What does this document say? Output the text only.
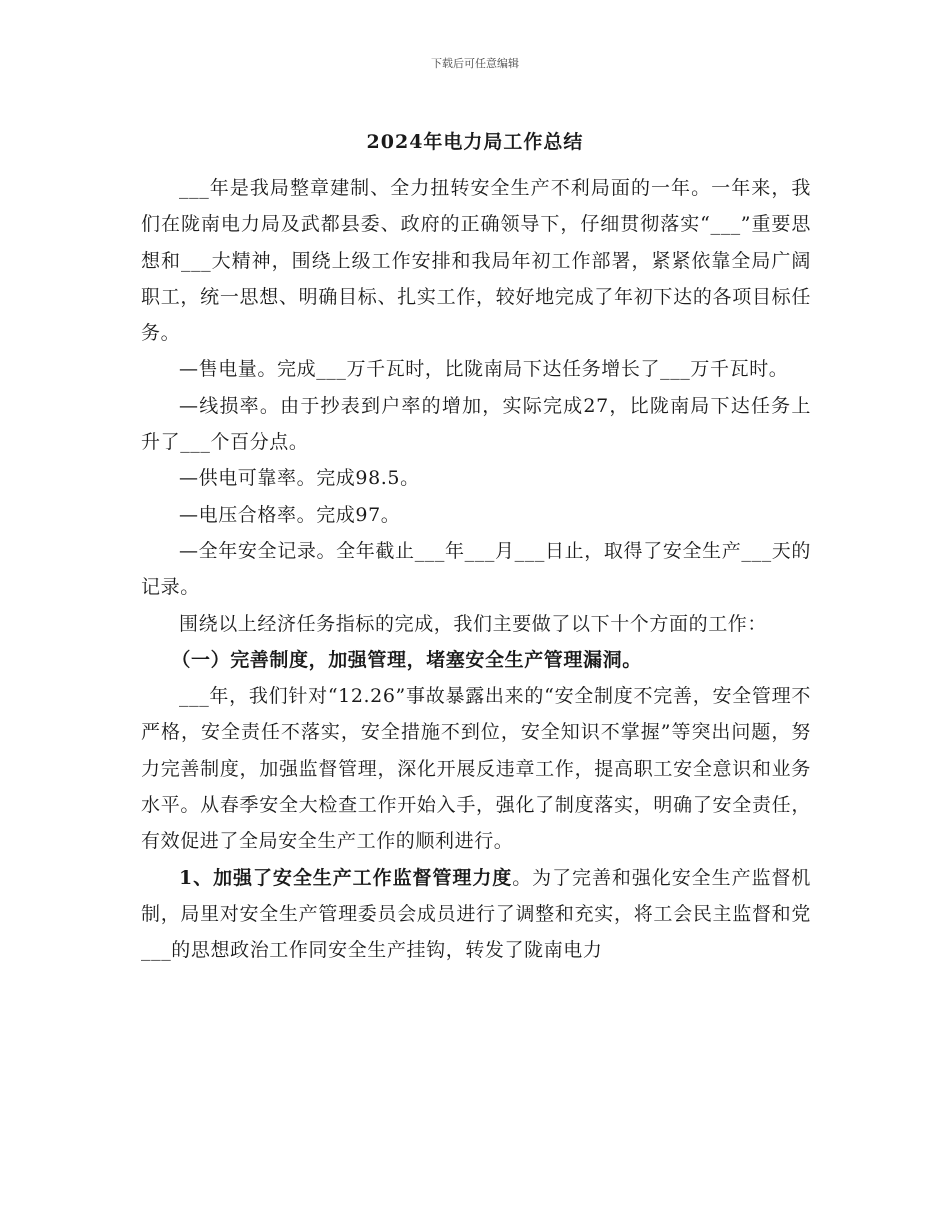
下载后可任意编辑
2024年电力局工作总结

___年是我局整章建制、全力扭转安全生产不利局面的一年。一年来，我们在陇南电力局及武都县委、政府的正确领导下，仔细贯彻落实“___”重要思想和___大精神，围绕上级工作安排和我局年初工作部署，紧紧依靠全局广阔职工，统一思想、明确目标、扎实工作，较好地完成了年初下达的各项目标任务。

—售电量。完成___万千瓦时，比陇南局下达任务增长了___万千瓦时。

—线损率。由于抄表到户率的增加，实际完成27，比陇南局下达任务上升了___个百分点。

—供电可靠率。完成98.5。

—电压合格率。完成97。

—全年安全记录。全年截止___年___月___日止，取得了安全生产___天的记录。

围绕以上经济任务指标的完成，我们主要做了以下十个方面的工作：

（一）完善制度，加强管理，堵塞安全生产管理漏洞。

___年，我们针对“12.26”事故暴露出来的“安全制度不完善，安全管理不严格，安全责任不落实，安全措施不到位，安全知识不掌握”等突出问题，努力完善制度，加强监督管理，深化开展反违章工作，提高职工安全意识和业务水平。从春季安全大检查工作开始入手，强化了制度落实，明确了安全责任，有效促进了全局安全生产工作的顺利进行。

1、加强了安全生产工作监督管理力度。为了完善和强化安全生产监督机制，局里对安全生产管理委员会成员进行了调整和充实，将工会民主监督和党___的思想政治工作同安全生产挂钩，转发了陇南电力
